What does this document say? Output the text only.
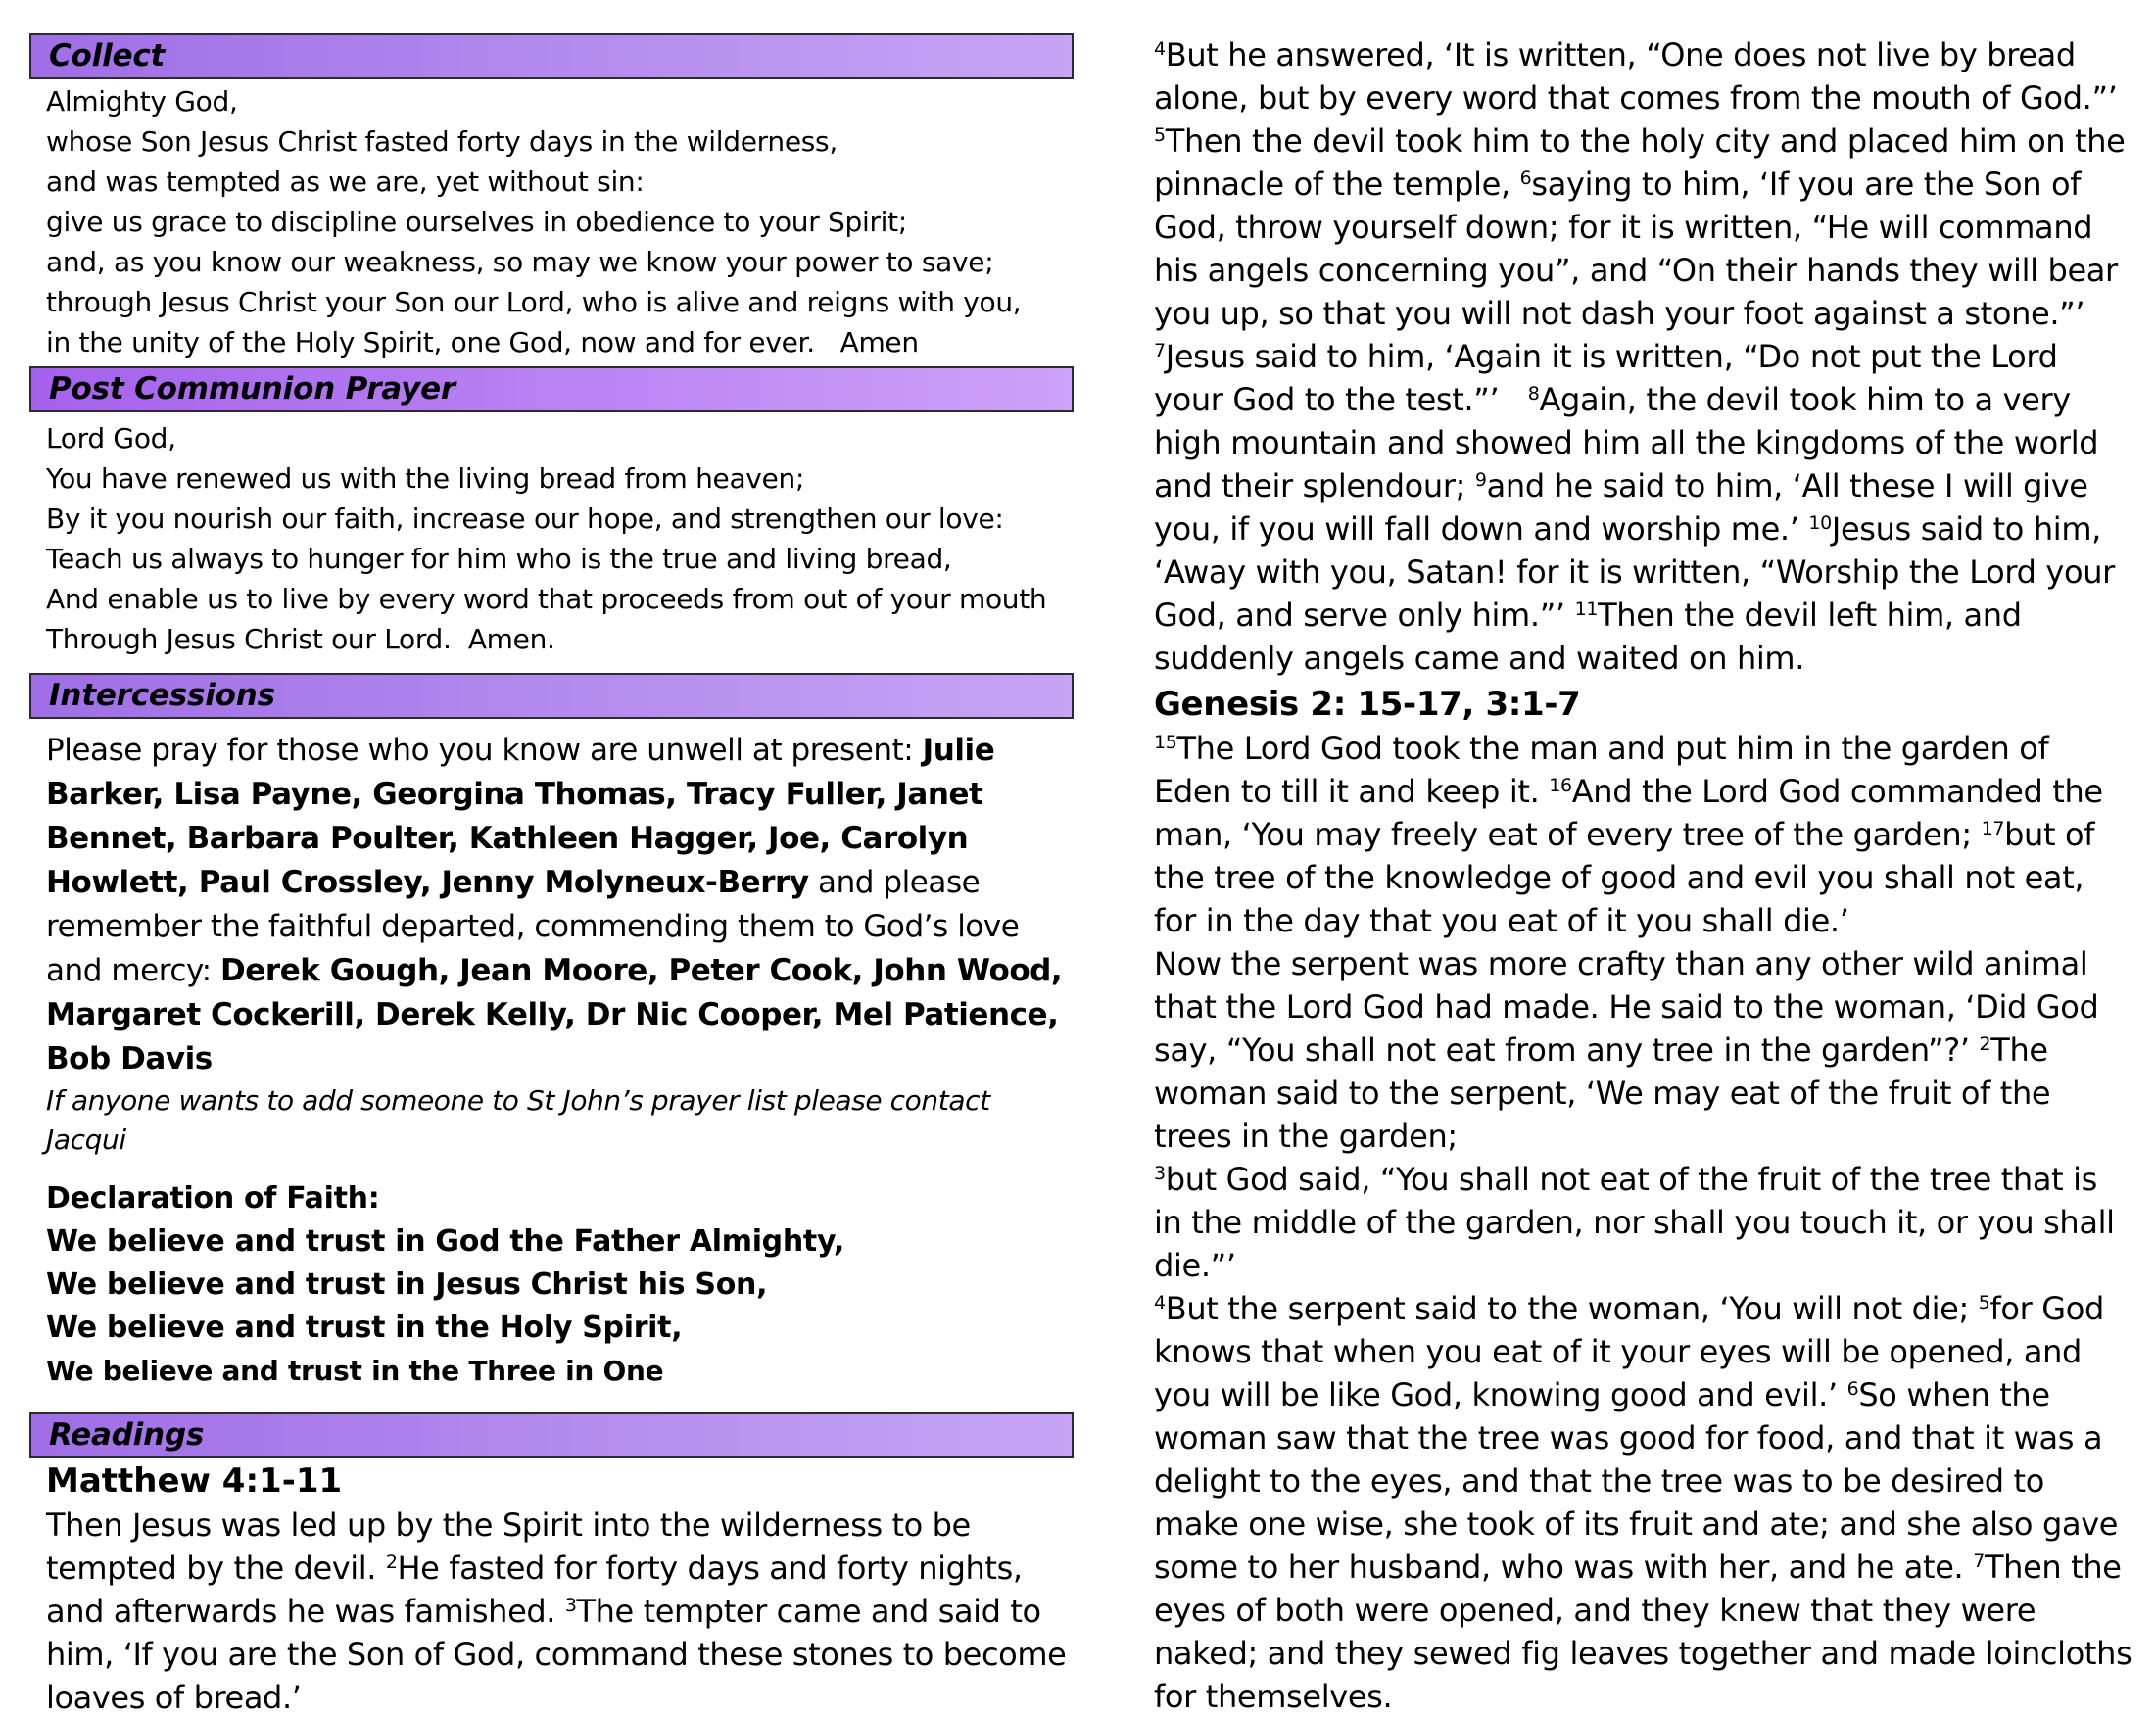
Collect

Almighty God,

whose Son Jesus Christ fasted forty days in the wilderness,

and was tempted as we are, yet without sin:

give us grace to discipline ourselves in obedience to your Spirit;

and, as you know our weakness, so may we know your power to save;

through Jesus Christ your Son our Lord, who is alive and reigns with you,

in the unity of the Holy Spirit, one God, now and for ever.   Amen

Post Communion Prayer

Lord God,

You have renewed us with the living bread from heaven;

By it you nourish our faith, increase our hope, and strengthen our love:

Teach us always to hunger for him who is the true and living bread,

And enable us to live by every word that proceeds from out of your mouth

Through Jesus Christ our Lord.  Amen.

Intercessions
Please pray for those who you know are unwell at present: Julie Barker, Lisa Payne, Georgina Thomas, Tracy Fuller, Janet Bennet, Barbara Poulter, Kathleen Hagger, Joe, Carolyn Howlett, Paul Crossley, Jenny Molyneux-Berry and please remember the faithful departed, commending them to God’s love and mercy: Derek Gough, Jean Moore, Peter Cook, John Wood, Margaret Cockerill, Derek Kelly, Dr Nic Cooper, Mel Patience, Bob Davis
If anyone wants to add someone to St John’s prayer list please contact Jacqui

Declaration of Faith:

We believe and trust in God the Father Almighty,

We believe and trust in Jesus Christ his Son,

We believe and trust in the Holy Spirit,

We believe and trust in the Three in One

Readings
Matthew 4:1-11
Then Jesus was led up by the Spirit into the wilderness to be tempted by the devil. $^2$He fasted for forty days and forty nights, and afterwards he was famished. $^3$The tempter came and said to him, ‘If you are the Son of God, command these stones to become loaves of bread.’
$^4$But he answered, ‘It is written, “One does not live by bread alone, but by every word that comes from the mouth of God.”’ $^5$Then the devil took him to the holy city and placed him on the pinnacle of the temple, $^6$saying to him, ‘If you are the Son of God, throw yourself down; for it is written, “He will command his angels concerning you”, and “On their hands they will bear you up, so that you will not dash your foot against a stone.”’
$^7$Jesus said to him, ‘Again it is written, “Do not put the Lord your God to the test.”’   $^8$Again, the devil took him to a very high mountain and showed him all the kingdoms of the world and their splendour; $^9$and he said to him, ‘All these I will give you, if you will fall down and worship me.’ $^{10}$Jesus said to him, ‘Away with you, Satan! for it is written, “Worship the Lord your God, and serve only him.”’ $^{11}$Then the devil left him, and suddenly angels came and waited on him.
Genesis 2: 15-17, 3:1-7
$^{15}$The Lord God took the man and put him in the garden of Eden to till it and keep it. $^{16}$And the Lord God commanded the man, ‘You may freely eat of every tree of the garden; $^{17}$but of the tree of the knowledge of good and evil you shall not eat, for in the day that you eat of it you shall die.’
Now the serpent was more crafty than any other wild animal that the Lord God had made. He said to the woman, ‘Did God say, “You shall not eat from any tree in the garden”?’ $^2$The woman said to the serpent, ‘We may eat of the fruit of the trees in the garden;
$^3$but God said, “You shall not eat of the fruit of the tree that is in the middle of the garden, nor shall you touch it, or you shall die.”’
$^4$But the serpent said to the woman, ‘You will not die; $^5$for God knows that when you eat of it your eyes will be opened, and you will be like God, knowing good and evil.’ $^6$So when the woman saw that the tree was good for food, and that it was a delight to the eyes, and that the tree was to be desired to make one wise, she took of its fruit and ate; and she also gave some to her husband, who was with her, and he ate. $^7$Then the eyes of both were opened, and they knew that they were naked; and they sewed fig leaves together and made loincloths for themselves.
